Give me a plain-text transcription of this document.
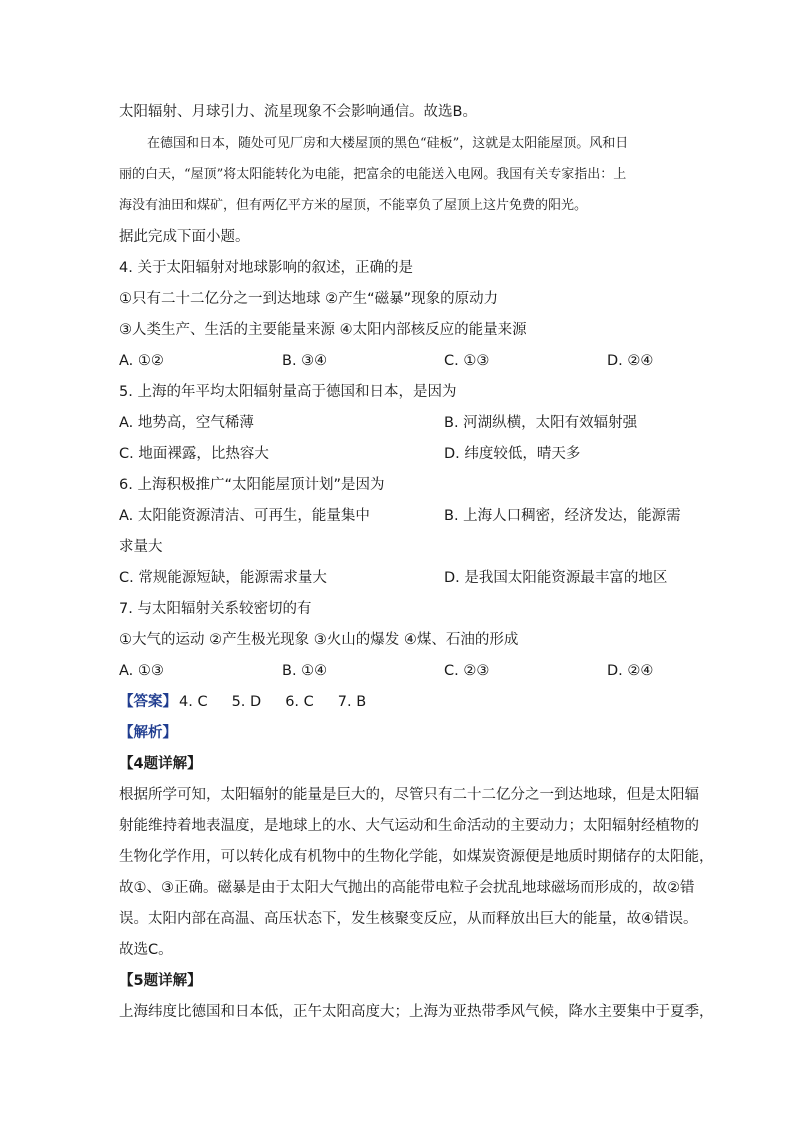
太阳辐射、月球引力、流星现象不会影响通信。故选B。
在德国和日本，随处可见厂房和大楼屋顶的黑色“硅板”，这就是太阳能屋顶。风和日
丽的白天，“屋顶”将太阳能转化为电能，把富余的电能送入电网。我国有关专家指出：上
海没有油田和煤矿，但有两亿平方米的屋顶，不能辜负了屋顶上这片免费的阳光。
据此完成下面小题。
4. 关于太阳辐射对地球影响的叙述，正确的是
①只有二十二亿分之一到达地球 ②产生“磁暴”现象的原动力
③人类生产、生活的主要能量来源 ④太阳内部核反应的能量来源
A. ①②	B. ③④	C. ①③	D. ②④
5. 上海的年平均太阳辐射量高于德国和日本，是因为
A. 地势高，空气稀薄	B. 河湖纵横，太阳有效辐射强
C. 地面裸露，比热容大	D. 纬度较低，晴天多
6. 上海积极推广“太阳能屋顶计划”是因为
A. 太阳能资源清洁、可再生，能量集中	B. 上海人口稠密，经济发达，能源需
求量大
C. 常规能源短缺，能源需求量大	D. 是我国太阳能资源最丰富的地区
7. 与太阳辐射关系较密切的有
①大气的运动 ②产生极光现象 ③火山的爆发 ④煤、石油的形成
A. ①③	B. ①④	C. ②③	D. ②④
【答案】 4. C 5. D 6. C 7. B
【解析】
【4题详解】
根据所学可知，太阳辐射的能量是巨大的，尽管只有二十二亿分之一到达地球，但是太阳辐
射能维持着地表温度，是地球上的水、大气运动和生命活动的主要动力；太阳辐射经植物的
生物化学作用，可以转化成有机物中的生物化学能，如煤炭资源便是地质时期储存的太阳能，
故①、③正确。磁暴是由于太阳大气抛出的高能带电粒子会扰乱地球磁场而形成的，故②错
误。太阳内部在高温、高压状态下，发生核聚变反应，从而释放出巨大的能量，故④错误。
故选C。
【5题详解】
上海纬度比德国和日本低，正午太阳高度大；上海为亚热带季风气候，降水主要集中于夏季，
